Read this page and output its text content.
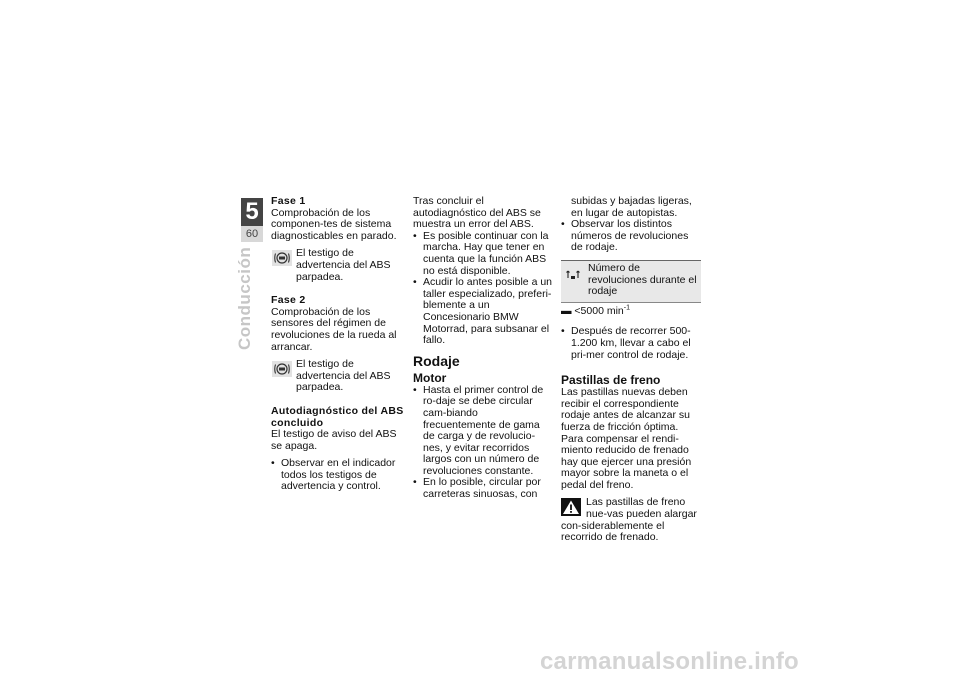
5
60
Conducción
Fase 1

Comprobación de los componen-tes de sistema diagnosticables en parado.

El testigo de advertencia del ABS parpadea.

Fase 2

Comprobación de los sensores del régimen de revoluciones de la rueda al arrancar.

El testigo de advertencia del ABS parpadea.

Autodiagnóstico del ABS concluido

El testigo de aviso del ABS se apaga.

• Observar en el indicador todos los testigos de advertencia y control.

Tras concluir el autodiagnóstico del ABS se muestra un error del ABS.

• Es posible continuar con la marcha. Hay que tener en cuenta que la función ABS no está disponible.

• Acudir lo antes posible a un taller especializado, preferi-blemente a un Concesionario BMW Motorrad, para subsanar el fallo.

Rodaje
Motor

• Hasta el primer control de ro-daje se debe circular cam-biando frecuentemente de gama de carga y de revolucio-nes, y evitar recorridos largos con un número de revoluciones constante.

• En lo posible, circular por carreteras sinuosas, con

subidas y bajadas ligeras, en lugar de autopistas.

• Observar los distintos números de revoluciones de rodaje.

Número de revoluciones durante el rodaje

▬ <5000 $\min^{-1}$

• Después de recorrer 500-1.200 km, llevar a cabo el pri-mer control de rodaje.

Pastillas de freno

Las pastillas nuevas deben recibir el correspondiente rodaje antes de alcanzar su fuerza de fricción óptima. Para compensar el rendi-miento reducido de frenado hay que ejercer una presión mayor sobre la maneta o el pedal del freno.

Las pastillas de freno nue-vas pueden alargar con-siderablemente el recorrido de frenado.

carmanualsonline.info
